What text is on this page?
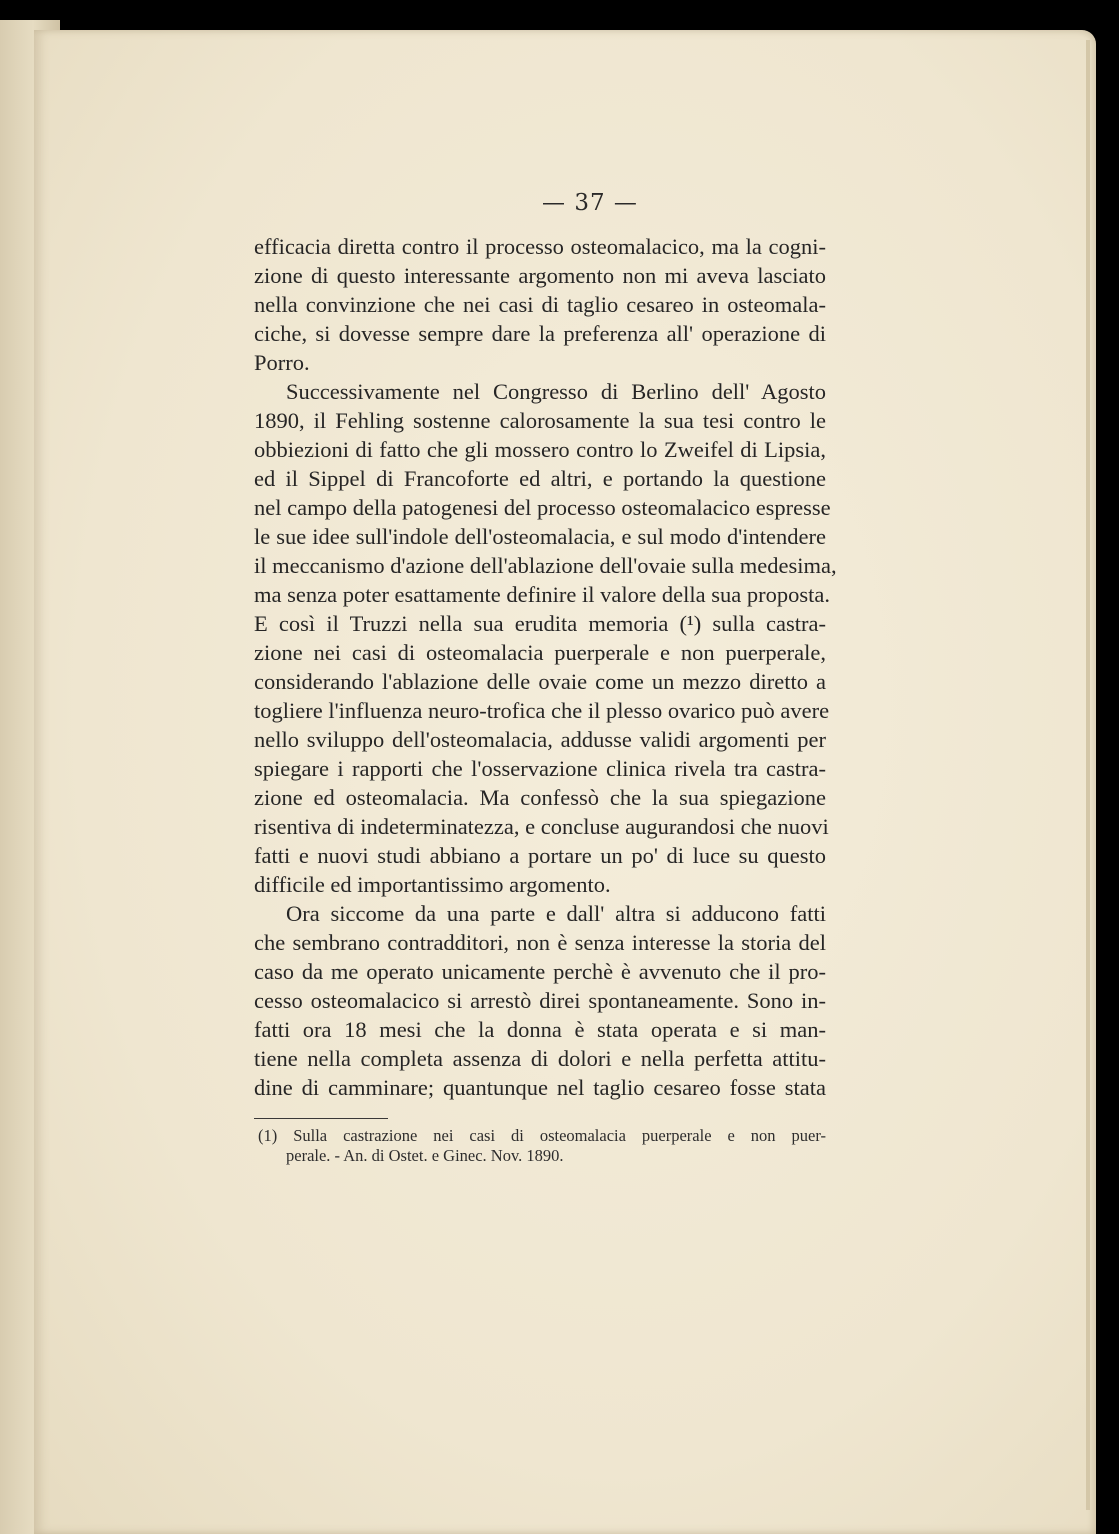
— 37 —
efficacia diretta contro il processo osteomalacico, ma la cogni-
zione di questo interessante argomento non mi aveva lasciato
nella convinzione che nei casi di taglio cesareo in osteomala-
ciche, si dovesse sempre dare la preferenza all' operazione di
Porro.
Successivamente nel Congresso di Berlino dell' Agosto
1890, il Fehling sostenne calorosamente la sua tesi contro le
obbiezioni di fatto che gli mossero contro lo Zweifel di Lipsia,
ed il Sippel di Francoforte ed altri, e portando la questione
nel campo della patogenesi del processo osteomalacico espresse
le sue idee sull'indole dell'osteomalacia, e sul modo d'intendere
il meccanismo d'azione dell'ablazione dell'ovaie sulla medesima,
ma senza poter esattamente definire il valore della sua proposta.
E così il Truzzi nella sua erudita memoria (¹) sulla castra-
zione nei casi di osteomalacia puerperale e non puerperale,
considerando l'ablazione delle ovaie come un mezzo diretto a
togliere l'influenza neuro-trofica che il plesso ovarico può avere
nello sviluppo dell'osteomalacia, addusse validi argomenti per
spiegare i rapporti che l'osservazione clinica rivela tra castra-
zione ed osteomalacia. Ma confessò che la sua spiegazione
risentiva di indeterminatezza, e concluse augurandosi che nuovi
fatti e nuovi studi abbiano a portare un po' di luce su questo
difficile ed importantissimo argomento.
Ora siccome da una parte e dall' altra si adducono fatti
che sembrano contradditori, non è senza interesse la storia del
caso da me operato unicamente perchè è avvenuto che il pro-
cesso osteomalacico si arrestò direi spontaneamente. Sono in-
fatti ora 18 mesi che la donna è stata operata e si man-
tiene nella completa assenza di dolori e nella perfetta attitu-
dine di camminare; quantunque nel taglio cesareo fosse stata
(1) Sulla castrazione nei casi di osteomalacia puerperale e non puer-
perale. - An. di Ostet. e Ginec. Nov. 1890.
